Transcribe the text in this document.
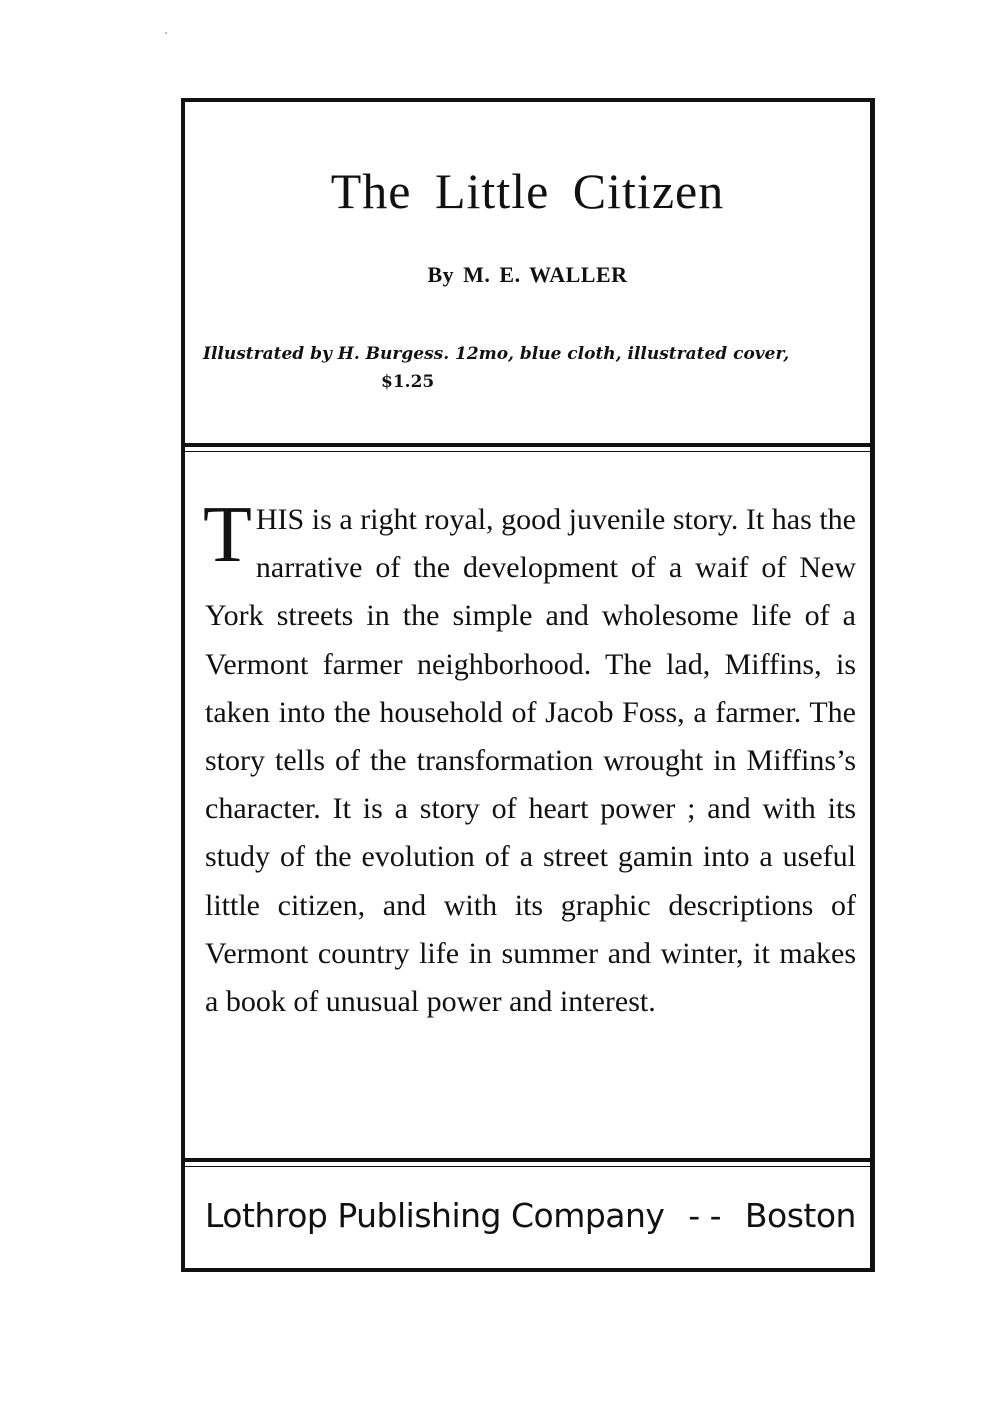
The Little Citizen
By M. E. WALLER
Illustrated by H. Burgess. 12mo, blue cloth, illustrated cover,
$1.25

THIS is a right royal, good juvenile story. It has the narrative of the development of a waif of New York streets in the simple and wholesome life of a Vermont farmer neighborhood. The lad, Miffins, is taken into the household of Jacob Foss, a farmer. The story tells of the transformation wrought in Miffins’s character. It is a story of heart power ; and with its study of the evolution of a street gamin into a useful little citizen, and with its graphic descriptions of Vermont country life in summer and winter, it makes a book of unusual power and interest.

Lothrop Publishing Company - - Boston
